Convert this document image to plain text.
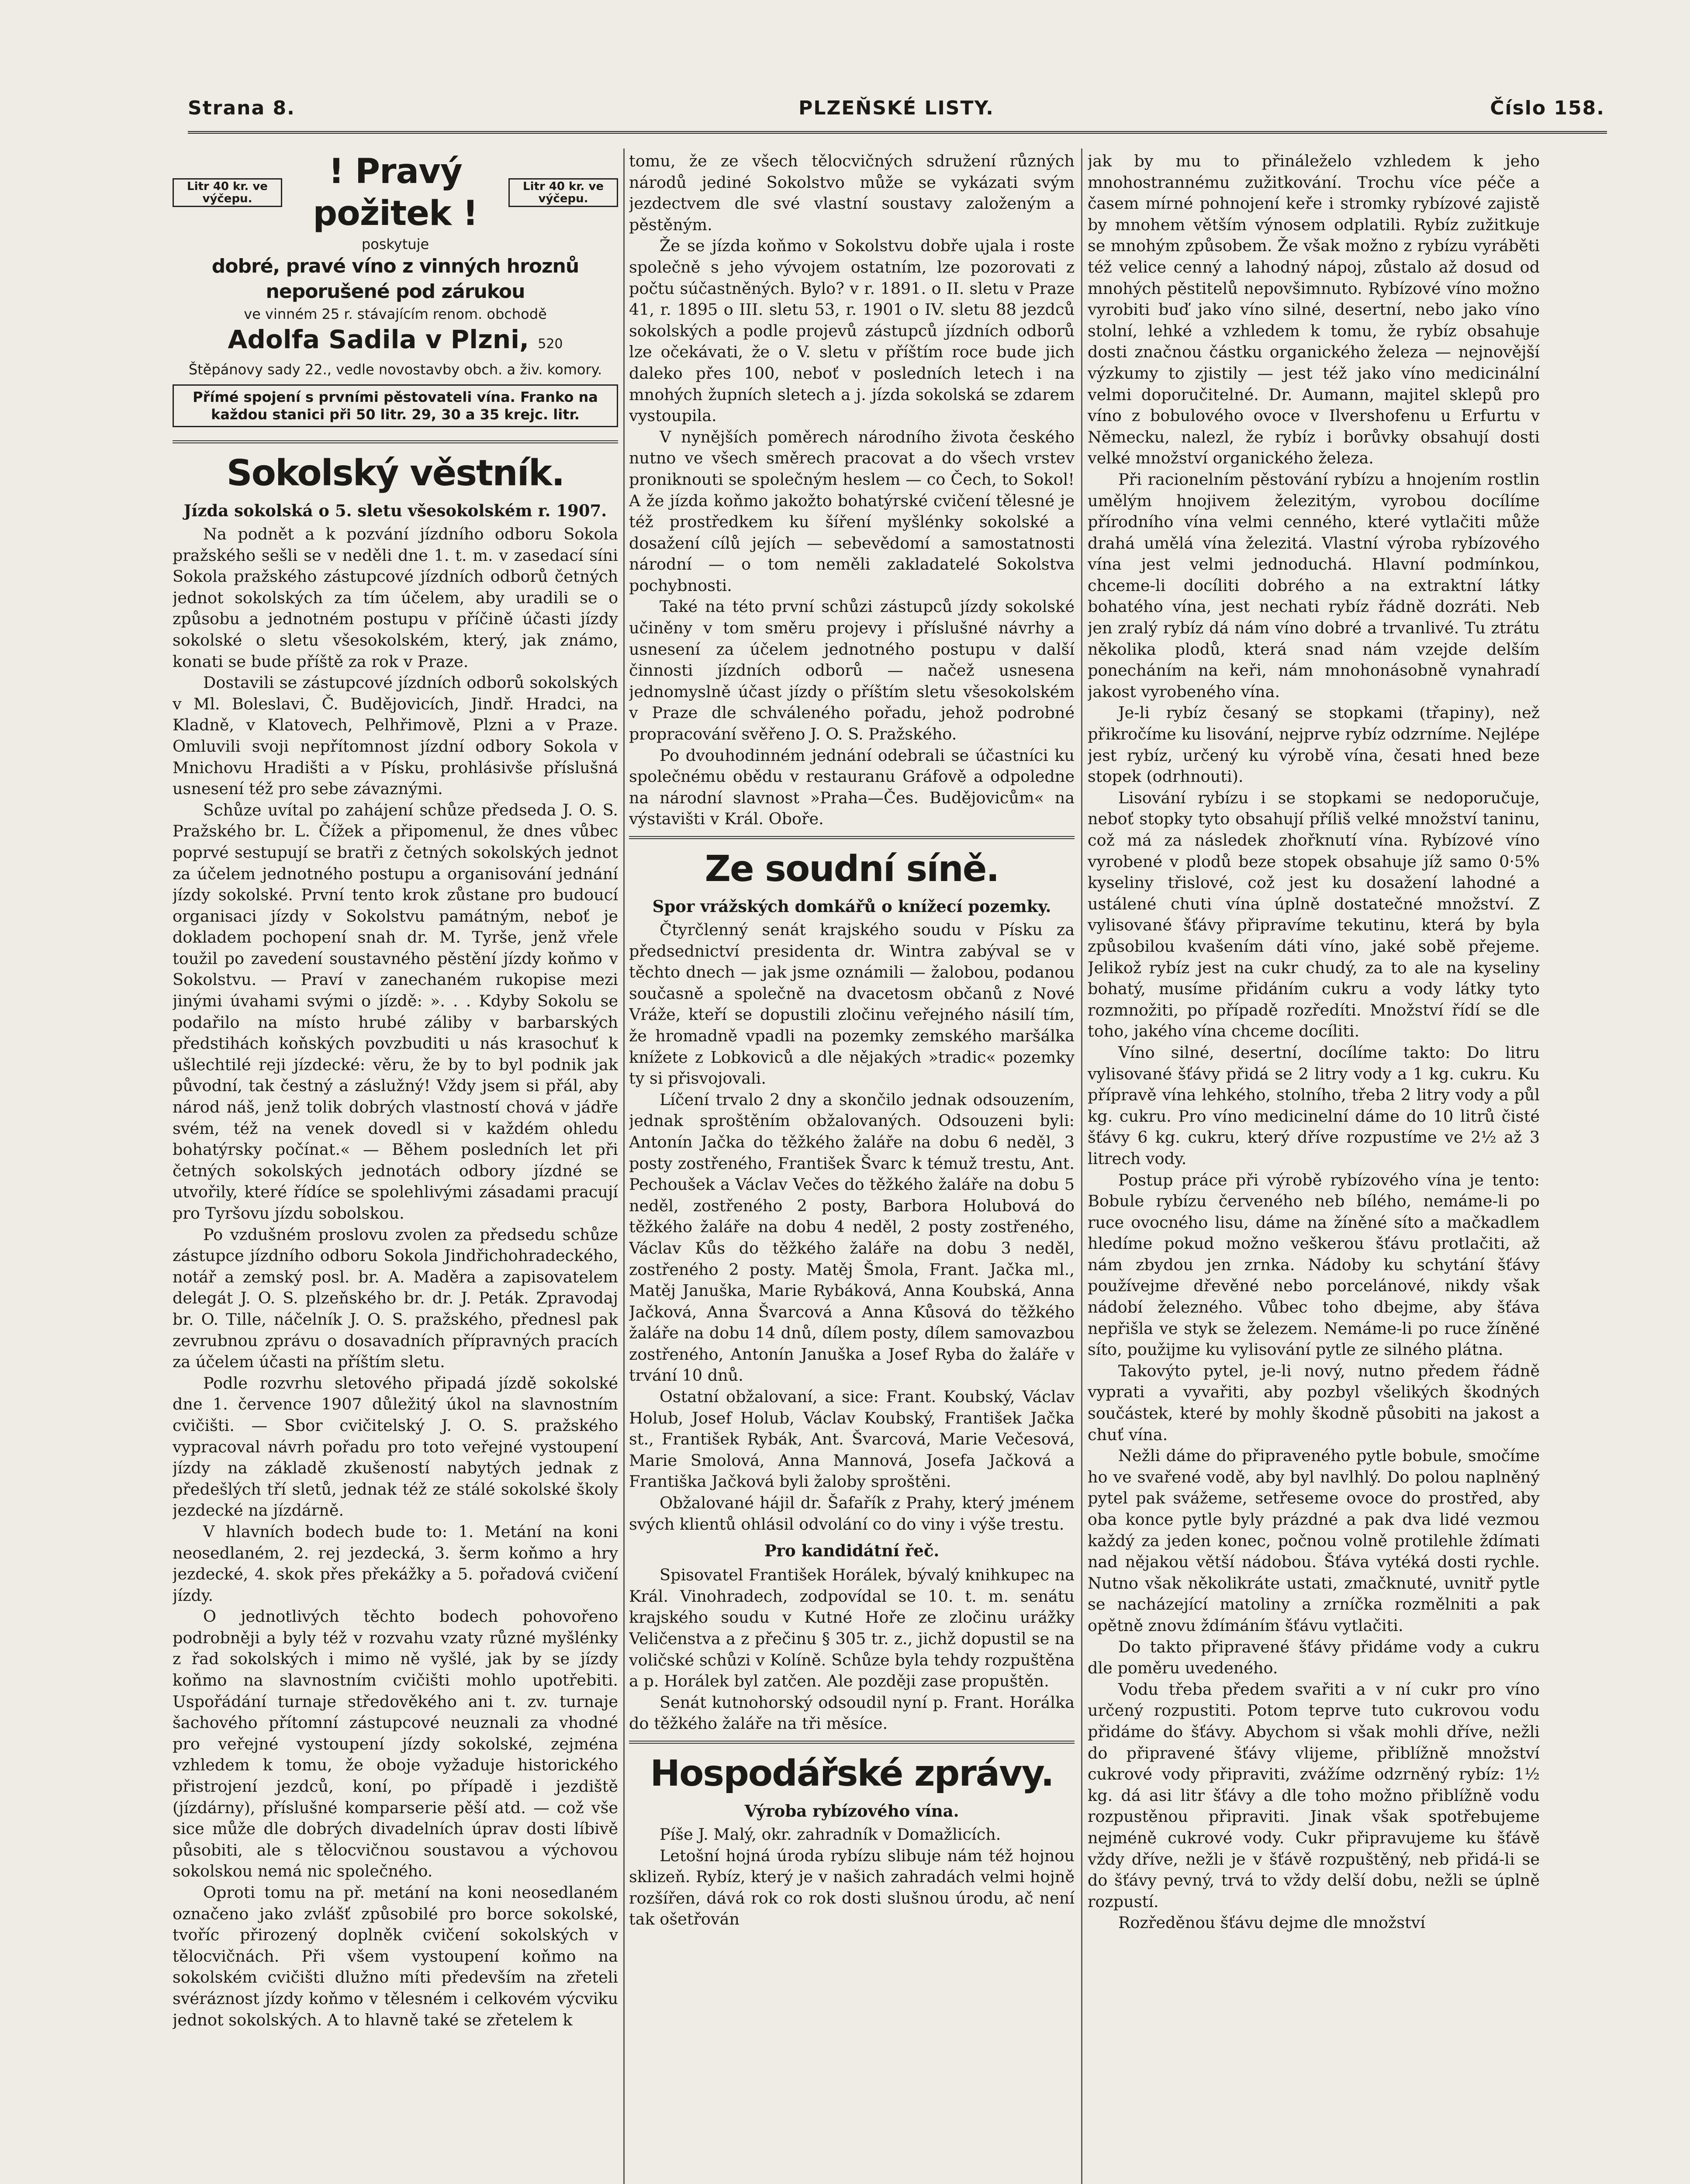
Strana 8.	PLZEŇSKÉ LISTY.	Číslo 158.
Litr 40 kr. ve výčepu.
! Pravý požitek !
Litr 40 kr. ve výčepu.
poskytuje
dobré, pravé víno z vinných hroznů neporušené pod zárukou
ve vinném 25 r. stávajícím renom. obchodě
Adolfa Sadila v Plzni, 520
Štěpánovy sady 22., vedle novostavby obch. a živ. komory.
Přímé spojení s prvními pěstovateli vína. Franko na každou stanici při 50 litr. 29, 30 a 35 krejc. litr.
Sokolský věstník.
Jízda sokolská o 5. sletu všesokolském r. 1907.

Na podnět a k pozvání jízdního odboru Sokola pražského sešli se v neděli dne 1. t. m. v zasedací síni Sokola pražského zástupcové jízdních odborů četných jednot sokolských za tím účelem, aby uradili se o způsobu a jednotném postupu v příčině účasti jízdy sokolské o sletu všesokolském, který, jak známo, konati se bude příště za rok v Praze.

Dostavili se zástupcové jízdních odborů sokolských v Ml. Boleslavi, Č. Budějovicích, Jindř. Hradci, na Kladně, v Klatovech, Pelhřimově, Plzni a v Praze. Omluvili svoji nepřítomnost jízdní odbory Sokola v Mnichovu Hradišti a v Písku, prohlásivše příslušná usnesení též pro sebe závaznými.

Schůze uvítal po zahájení schůze předseda J. O. S. Pražského br. L. Čížek a připomenul, že dnes vůbec poprvé sestupují se bratři z četných sokolských jednot za účelem jednotného postupu a organisování jednání jízdy sokolské. První tento krok zůstane pro budoucí organisaci jízdy v Sokolstvu památným, neboť je dokladem pochopení snah dr. M. Tyrše, jenž vřele toužil po zavedení soustavného pěstění jízdy koňmo v Sokolstvu. — Praví v zanechaném rukopise mezi jinými úvahami svými o jízdě: ». . . Kdyby Sokolu se podařilo na místo hrubé záliby v barbarských předstihách koňských povzbuditi u nás krasochuť k ušlechtilé reji jízdecké: věru, že by to byl podnik jak původní, tak čestný a záslužný! Vždy jsem si přál, aby národ náš, jenž tolik dobrých vlastností chová v jádře svém, též na venek dovedl si v každém ohledu bohatýrsky počínat.« — Během posledních let při četných sokolských jednotách odbory jízdné se utvořily, které řídíce se spolehlivými zásadami pracují pro Tyršovu jízdu sobolskou.

Po vzdušném proslovu zvolen za předsedu schůze zástupce jízdního odboru Sokola Jindřichohradeckého, notář a zemský posl. br. A. Maděra a zapisovatelem delegát J. O. S. plzeňského br. dr. J. Peták. Zpravodaj br. O. Tille, náčelník J. O. S. pražského, přednesl pak zevrubnou zprávu o dosavadních přípravných pracích za účelem účasti na příštím sletu.

Podle rozvrhu sletového připadá jízdě sokolské dne 1. července 1907 důležitý úkol na slavnostním cvičišti. — Sbor cvičitelský J. O. S. pražského vypracoval návrh pořadu pro toto veřejné vystoupení jízdy na základě zkušeností nabytých jednak z předešlých tří sletů, jednak též ze stálé sokolské školy jezdecké na jízdárně.

V hlavních bodech bude to: 1. Metání na koni neosedlaném, 2. rej jezdecká, 3. šerm koňmo a hry jezdecké, 4. skok přes překážky a 5. pořadová cvičení jízdy.

O jednotlivých těchto bodech pohovořeno podrobněji a byly též v rozvahu vzaty různé myšlénky z řad sokolských i mimo ně vyšlé, jak by se jízdy koňmo na slavnostním cvičišti mohlo upotřebiti. Uspořádání turnaje středověkého ani t. zv. turnaje šachového přítomní zástupcové neuznali za vhodné pro veřejné vystoupení jízdy sokolské, zejména vzhledem k tomu, že oboje vyžaduje historického přistrojení jezdců, koní, po případě i jezdiště (jízdárny), příslušné komparserie pěší atd. — což vše sice může dle dobrých divadelních úprav dosti líbivě působiti, ale s tělocvičnou soustavou a výchovou sokolskou nemá nic společného.

Oproti tomu na př. metání na koni neosedlaném označeno jako zvlášť způsobilé pro borce sokolské, tvoříc přirozený doplněk cvičení sokolských v tělocvičnách. Při všem vystoupení koňmo na sokolském cvičišti dlužno míti především na zřeteli svéráznost jízdy koňmo v tělesném i celkovém výcviku jednot sokolských. A to hlavně také se zřetelem k

tomu, že ze všech tělocvičných sdružení různých národů jediné Sokolstvo může se vykázati svým jezdectvem dle své vlastní soustavy založeným a pěstěným.

Že se jízda koňmo v Sokolstvu dobře ujala i roste společně s jeho vývojem ostatním, lze pozorovati z počtu súčastněných. Bylo? v r. 1891. o II. sletu v Praze 41, r. 1895 o III. sletu 53, r. 1901 o IV. sletu 88 jezdců sokolských a podle projevů zástupců jízdních odborů lze očekávati, že o V. sletu v příštím roce bude jich daleko přes 100, neboť v posledních letech i na mnohých župních sletech a j. jízda sokolská se zdarem vystoupila.

V nynějších poměrech národního života českého nutno ve všech směrech pracovat a do všech vrstev proniknouti se společným heslem — co Čech, to Sokol! A že jízda koňmo jakožto bohatýrské cvičení tělesné je též prostředkem ku šíření myšlénky sokolské a dosažení cílů jejích — sebevědomí a samostatnosti národní — o tom neměli zakladatelé Sokolstva pochybnosti.

Také na této první schůzi zástupců jízdy sokolské učiněny v tom směru projevy i příslušné návrhy a usnesení za účelem jednotného postupu v další činnosti jízdních odborů — načež usnesena jednomyslně účast jízdy o příštím sletu všesokolském v Praze dle schváleného pořadu, jehož podrobné propracování svěřeno J. O. S. Pražského.

Po dvouhodinném jednání odebrali se účastníci ku společnému obědu v restauranu Gráfově a odpoledne na národní slavnost »Praha—Čes. Budějovicům« na výstavišti v Král. Oboře.

Ze soudní síně.
Spor vrážských domkářů o knížecí pozemky.

Čtyrčlenný senát krajského soudu v Písku za předsednictví presidenta dr. Wintra zabýval se v těchto dnech — jak jsme oznámili — žalobou, podanou současně a společně na dvacetosm občanů z Nové Vráže, kteří se dopustili zločinu veřejného násilí tím, že hromadně vpadli na pozemky zemského maršálka knížete z Lobkoviců a dle nějakých »tradic« pozemky ty si přisvojovali.

Líčení trvalo 2 dny a skončilo jednak odsouzením, jednak sproštěním obžalovaných. Odsouzeni byli: Antonín Jačka do těžkého žaláře na dobu 6 neděl, 3 posty zostřeného, František Švarc k témuž trestu, Ant. Pechoušek a Václav Večes do těžkého žaláře na dobu 5 neděl, zostřeného 2 posty, Barbora Holubová do těžkého žaláře na dobu 4 neděl, 2 posty zostřeného, Václav Kůs do těžkého žaláře na dobu 3 neděl, zostřeného 2 posty. Matěj Šmola, Frant. Jačka ml., Matěj Januška, Marie Rybáková, Anna Koubská, Anna Jačková, Anna Švarcová a Anna Kůsová do těžkého žaláře na dobu 14 dnů, dílem posty, dílem samovazbou zostřeného, Antonín Januška a Josef Ryba do žaláře v trvání 10 dnů.

Ostatní obžalovaní, a sice: Frant. Koubský, Václav Holub, Josef Holub, Václav Koubský, František Jačka st., František Rybák, Ant. Švarcová, Marie Večesová, Marie Smolová, Anna Mannová, Josefa Jačková a Františka Jačková byli žaloby sproštěni.

Obžalované hájil dr. Šafařík z Prahy, který jménem svých klientů ohlásil odvolání co do viny i výše trestu.

Pro kandidátní řeč.

Spisovatel František Horálek, bývalý knihkupec na Král. Vinohradech, zodpovídal se 10. t. m. senátu krajského soudu v Kutné Hoře ze zločinu urážky Veličenstva a z přečinu § 305 tr. z., jichž dopustil se na voličské schůzi v Kolíně. Schůze byla tehdy rozpuštěna a p. Horálek byl zatčen. Ale později zase propuštěn.

Senát kutnohorský odsoudil nyní p. Frant. Horálka do těžkého žaláře na tři měsíce.

Hospodářské zprávy.
Výroba rybízového vína.

Píše J. Malý, okr. zahradník v Domažlicích.

Letošní hojná úroda rybízu slibuje nám též hojnou sklizeň. Rybíz, který je v našich zahradách velmi hojně rozšířen, dává rok co rok dosti slušnou úrodu, ač není tak ošetřován

jak by mu to přináleželo vzhledem k jeho mnohostrannému zužitkování. Trochu více péče a časem mírné pohnojení keře i stromky rybízové zajistě by mnohem větším výnosem odplatili. Rybíz zužitkuje se mnohým způsobem. Že však možno z rybízu vyráběti též velice cenný a lahodný nápoj, zůstalo až dosud od mnohých pěstitelů nepovšimnuto. Rybízové víno možno vyrobiti buď jako víno silné, desertní, nebo jako víno stolní, lehké a vzhledem k tomu, že rybíz obsahuje dosti značnou částku organického železa — nejnovější výzkumy to zjistily — jest též jako víno medicinální velmi doporučitelné. Dr. Aumann, majitel sklepů pro víno z bobulového ovoce v Ilvershofenu u Erfurtu v Německu, nalezl, že rybíz i borůvky obsahují dosti velké množství organického železa.

Při racionelním pěstování rybízu a hnojením rostlin umělým hnojivem železitým, vyrobou docílíme přírodního vína velmi cenného, které vytlačiti může drahá umělá vína železitá. Vlastní výroba rybízového vína jest velmi jednoduchá. Hlavní podmínkou, chceme-li docíliti dobrého a na extraktní látky bohatého vína, jest nechati rybíz řádně dozráti. Neb jen zralý rybíz dá nám víno dobré a trvanlivé. Tu ztrátu několika plodů, která snad nám vzejde delším ponecháním na keři, nám mnohonásobně vynahradí jakost vyrobeného vína.

Je-li rybíz česaný se stopkami (třapiny), než přikročíme ku lisování, nejprve rybíz odzrníme. Nejlépe jest rybíz, určený ku výrobě vína, česati hned beze stopek (odrhnouti).

Lisování rybízu i se stopkami se nedoporučuje, neboť stopky tyto obsahují příliš velké množství taninu, což má za následek zhořknutí vína. Rybízové víno vyrobené v plodů beze stopek obsahuje jíž samo 0·5% kyseliny třislové, což jest ku dosažení lahodné a ustálené chuti vína úplně dostatečné množství. Z vylisované šťávy připravíme tekutinu, která by byla způsobilou kvašením dáti víno, jaké sobě přejeme. Jelikož rybíz jest na cukr chudý, za to ale na kyseliny bohatý, musíme přidáním cukru a vody látky tyto rozmnožiti, po případě rozředíti. Množství řídí se dle toho, jakého vína chceme docíliti.

Víno silné, desertní, docílíme takto: Do litru vylisované šťávy přidá se 2 litry vody a 1 kg. cukru. Ku přípravě vína lehkého, stolního, třeba 2 litry vody a půl kg. cukru. Pro víno medicinelní dáme do 10 litrů čisté šťávy 6 kg. cukru, který dříve rozpustíme ve 2½ až 3 litrech vody.

Postup práce při výrobě rybízového vína je tento: Bobule rybízu červeného neb bílého, nemáme-li po ruce ovocného lisu, dáme na žíněné síto a mačkadlem hledíme pokud možno veškerou šťávu protlačiti, až nám zbydou jen zrnka. Nádoby ku schytání šťávy používejme dřevěné nebo porcelánové, nikdy však nádobí železného. Vůbec toho dbejme, aby šťáva nepřišla ve styk se železem. Nemáme-li po ruce žíněné síto, použijme ku vylisování pytle ze silného plátna.

Takovýto pytel, je-li nový, nutno předem řádně vyprati a vyvařiti, aby pozbyl všelikých škodných součástek, které by mohly škodně působiti na jakost a chuť vína.

Nežli dáme do připraveného pytle bobule, smočíme ho ve svařené vodě, aby byl navlhlý. Do polou naplněný pytel pak svážeme, setřeseme ovoce do prostřed, aby oba konce pytle byly prázdné a pak dva lidé vezmou každý za jeden konec, počnou volně protilehle ždímati nad nějakou větší nádobou. Šťáva vytéká dosti rychle. Nutno však několikráte ustati, zmačknuté, uvnitř pytle se nacházející matoliny a zrníčka rozmělniti a pak opětně znovu ždímáním šťávu vytlačiti.

Do takto připravené šťávy přidáme vody a cukru dle poměru uvedeného.

Vodu třeba předem svařiti a v ní cukr pro víno určený rozpustiti. Potom teprve tuto cukrovou vodu přidáme do šťávy. Abychom si však mohli dříve, nežli do připravené šťávy vlijeme, přiblížně množství cukrové vody připraviti, zvážíme odzrněný rybíz: 1½ kg. dá asi litr šťávy a dle toho možno přiblížně vodu rozpustěnou připraviti. Jinak však spotřebujeme nejméně cukrové vody. Cukr připravujeme ku šťávě vždy dříve, nežli je v šťávě rozpuštěný, neb přidá-li se do šťávy pevný, trvá to vždy delší dobu, nežli se úplně rozpustí.

Rozředěnou šťávu dejme dle množství
